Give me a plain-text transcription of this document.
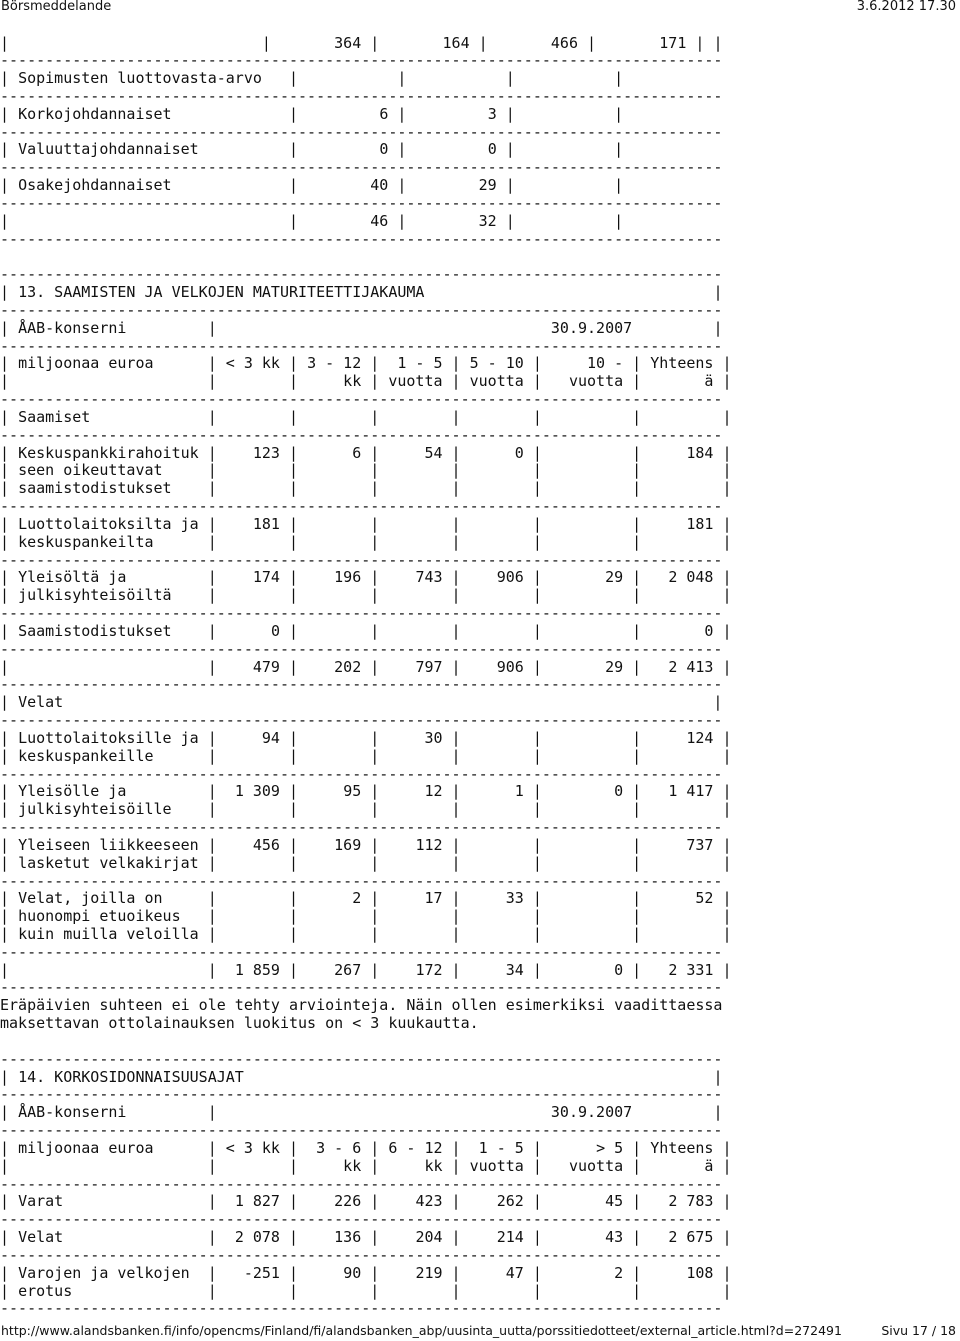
Börsmeddelande	3.6.2012 17.30
|                            |       364 |       164 |       466 |       171 | |
--------------------------------------------------------------------------------
| Sopimusten luottovasta-arvo   |           |           |           |
--------------------------------------------------------------------------------
| Korkojohdannaiset             |         6 |         3 |           |
--------------------------------------------------------------------------------
| Valuuttajohdannaiset          |         0 |         0 |           |
--------------------------------------------------------------------------------
| Osakejohdannaiset             |        40 |        29 |           |
--------------------------------------------------------------------------------
|                               |        46 |        32 |           |
--------------------------------------------------------------------------------
--------------------------------------------------------------------------------
| 13. SAAMISTEN JA VELKOJEN MATURITEETTIJAKAUMA                                |
--------------------------------------------------------------------------------
| ÅAB-konserni         |                                     30.9.2007         |
--------------------------------------------------------------------------------
| miljoonaa euroa      | < 3 kk | 3 - 12 |  1 - 5 | 5 - 10 |     10 - | Yhteens |
|                      |        |     kk | vuotta | vuotta |   vuotta |       ä |
--------------------------------------------------------------------------------
| Saamiset             |        |        |        |        |          |         |
--------------------------------------------------------------------------------
| Keskuspankkirahoituk |    123 |      6 |     54 |      0 |          |     184 |
| seen oikeuttavat     |        |        |        |        |          |         |
| saamistodistukset    |        |        |        |        |          |         |
--------------------------------------------------------------------------------
| Luottolaitoksilta ja |    181 |        |        |        |          |     181 |
| keskuspankeilta      |        |        |        |        |          |         |
--------------------------------------------------------------------------------
| Yleisöltä ja         |    174 |    196 |    743 |    906 |       29 |   2 048 |
| julkisyhteisöiltä    |        |        |        |        |          |         |
--------------------------------------------------------------------------------
| Saamistodistukset    |      0 |        |        |        |          |       0 |
--------------------------------------------------------------------------------
|                      |    479 |    202 |    797 |    906 |       29 |   2 413 |
--------------------------------------------------------------------------------
| Velat                                                                        |
--------------------------------------------------------------------------------
| Luottolaitoksille ja |     94 |        |     30 |        |          |     124 |
| keskuspankeille      |        |        |        |        |          |         |
--------------------------------------------------------------------------------
| Yleisölle ja         |  1 309 |     95 |     12 |      1 |        0 |   1 417 |
| julkisyhteisöille    |        |        |        |        |          |         |
--------------------------------------------------------------------------------
| Yleiseen liikkeeseen |    456 |    169 |    112 |        |          |     737 |
| lasketut velkakirjat |        |        |        |        |          |         |
--------------------------------------------------------------------------------
| Velat, joilla on     |        |      2 |     17 |     33 |          |      52 |
| huonompi etuoikeus   |        |        |        |        |          |         |
| kuin muilla veloilla |        |        |        |        |          |         |
--------------------------------------------------------------------------------
|                      |  1 859 |    267 |    172 |     34 |        0 |   2 331 |
--------------------------------------------------------------------------------
Eräpäivien suhteen ei ole tehty arviointeja. Näin ollen esimerkiksi vaadittaessa
maksettavan ottolainauksen luokitus on < 3 kuukautta.
--------------------------------------------------------------------------------
| 14. KORKOSIDONNAISUUSAJAT                                                    |
--------------------------------------------------------------------------------
| ÅAB-konserni         |                                     30.9.2007         |
--------------------------------------------------------------------------------
| miljoonaa euroa      | < 3 kk |  3 - 6 | 6 - 12 |  1 - 5 |      > 5 | Yhteens |
|                      |        |     kk |     kk | vuotta |   vuotta |       ä |
--------------------------------------------------------------------------------
| Varat                |  1 827 |    226 |    423 |    262 |       45 |   2 783 |
--------------------------------------------------------------------------------
| Velat                |  2 078 |    136 |    204 |    214 |       43 |   2 675 |
--------------------------------------------------------------------------------
| Varojen ja velkojen  |   -251 |     90 |    219 |     47 |        2 |     108 |
| erotus               |        |        |        |        |          |         |
--------------------------------------------------------------------------------
http://www.alandsbanken.fi/info/opencms/Finland/fi/alandsbanken_abp/uusinta_uutta/porssitiedotteet/external_article.html?d=272491	Sivu 17 / 18
